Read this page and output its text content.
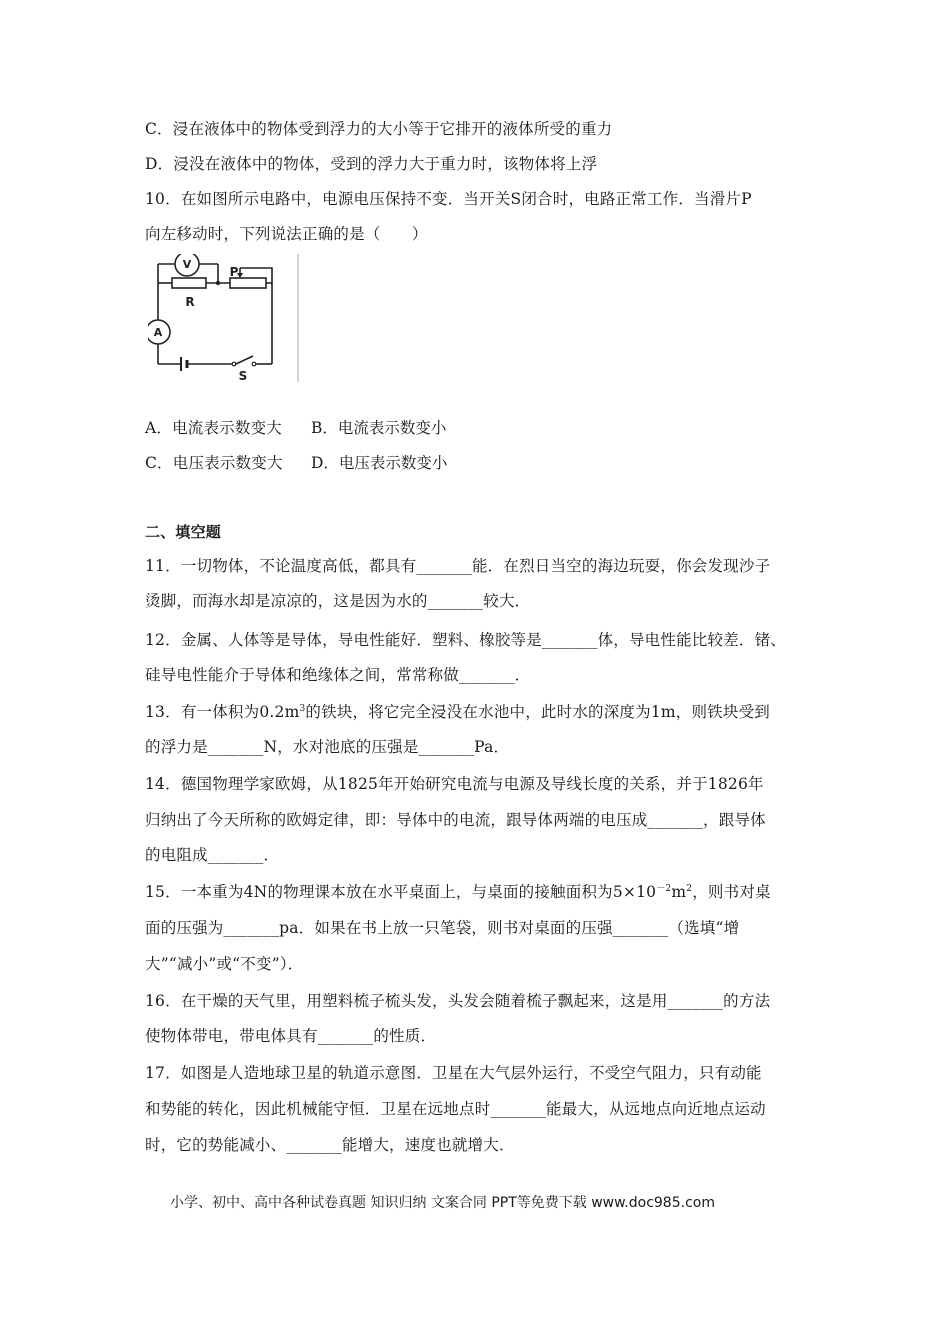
C．浸在液体中的物体受到浮力的大小等于它排开的液体所受的重力
D．浸没在液体中的物体，受到的浮力大于重力时，该物体将上浮
10．在如图所示电路中，电源电压保持不变．当开关S闭合时，电路正常工作．当滑片P
向左移动时，下列说法正确的是（　　）
V
A
R
P
S
A．电流表示数变大 B．电流表示数变小
C．电压表示数变大 D．电压表示数变小
二、填空题
11．一切物体，不论温度高低，都具有_______能．在烈日当空的海边玩耍，你会发现沙子
烫脚，而海水却是凉凉的，这是因为水的_______较大．
12．金属、人体等是导体，导电性能好．塑料、橡胶等是_______体，导电性能比较差．锗、
硅导电性能介于导体和绝缘体之间，常常称做_______．
13．有一体积为$0.2m^3$的铁块，将它完全浸没在水池中，此时水的深度为1m，则铁块受到
的浮力是_______N，水对池底的压强是_______Pa．
14．德国物理学家欧姆，从1825年开始研究电流与电源及导线长度的关系，并于1826年
归纳出了今天所称的欧姆定律，即：导体中的电流，跟导体两端的电压成_______，跟导体
的电阻成_______．
15．一本重为4N的物理课本放在水平桌面上，与桌面的接触面积为$5\times 10^{-2}m^2$，则书对桌
面的压强为_______pa．如果在书上放一只笔袋，则书对桌面的压强_______（选填“增
大”“减小”或“不变”）．
16．在干燥的天气里，用塑料梳子梳头发，头发会随着梳子飘起来，这是用_______的方法
使物体带电，带电体具有_______的性质．
17．如图是人造地球卫星的轨道示意图．卫星在大气层外运行，不受空气阻力，只有动能
和势能的转化，因此机械能守恒．卫星在远地点时_______能最大，从远地点向近地点运动
时，它的势能减小、_______能增大，速度也就增大．
小学、初中、高中各种试卷真题 知识归纳 文案合同 PPT等免费下载 www.doc985.com
